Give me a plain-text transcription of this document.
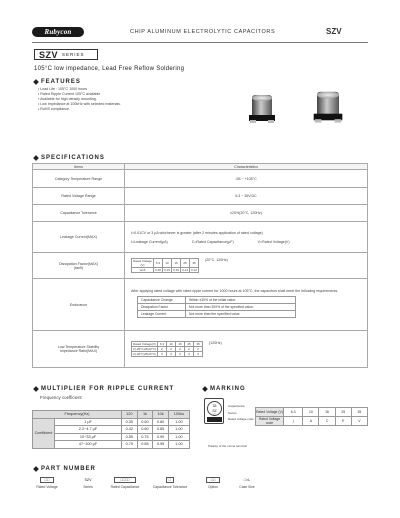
Rubycon	CHIP ALUMINUM ELECTROLYTIC CAPACITORS	SZV
SZV SERIES
105°C low impedance, Lead Free Reflow Soldering
FEATURES
• Load Life : 105°C 1000 hours
• Rated Ripple Current 105°C available
• Available for high density mounting.
• Low impedance at 100kHz with selected materials.
• RoHS compliance.
SPECIFICATIONS
Items	Characteristics
Category Temperature Range	-55 ~ +105°C
Rated Voltage Range	6.3 ~ 35V.DC
Capacitance Tolerance	±20%(20°C, 120Hz)
Leakage Current(MAX)	
I=0.01CV or 3 μA whichever is greater (after 2 minutes application of rated voltage)
I=Leakage Current(μA)	C=Rated Capacitance(μF)	V=Rated Voltage(V)

Dissipation Factor(MAX)
(tanδ)

Rated Voltage (V)	6.3	10	16	25	35
tanδ	0.26	0.19	0.16	0.14	0.12
(20°C, 120Hz)

Endurance	
After applying rated voltage with rated ripple current for 1000 hours at 105°C, the capacitors shall meet the following requirements.
Capacitance Change	Within ±30% of the initial value.
Dissipation Factor	Not more than 300% of the specified value.
Leakage Current	Not more than the specified value.

Low Temperature Stability
Impedance Ratio(MAX)

Rated Voltage(V)	6.3	10	16	25	35
Z(-25°C)/Z(20°C)	2	2	2	2	2
Z(-40°C)/Z(20°C)	3	3	3	3	3
(120Hz)
MULTIPLIER FOR RIPPLE CURRENT
Frequency coefficient
Frequency(Hz)		120	1k	10k	100k≤
Coefficient	1 μF	0.35	0.50	0.80	1.00
	2.2~4.7 μF	0.42	0.60	0.85	1.00
	10~33 μF	0.55	0.75	0.90	1.00
	47~100 μF	0.70	0.85	0.95	1.00
MARKING
33
SZ
C
Capacitance
Series
Rated voltage code
Polarity of the minus terminal
Rated Voltage (V)	6.3	10	16	25	35
Rated Voltage code	j	A	C	E	V
PART NUMBER
□□	SZV	□□□□	□	□□	□×L
Rated Voltage	Series	Rated Capacitance	Capacitance Tolerance	Option	Case Size
